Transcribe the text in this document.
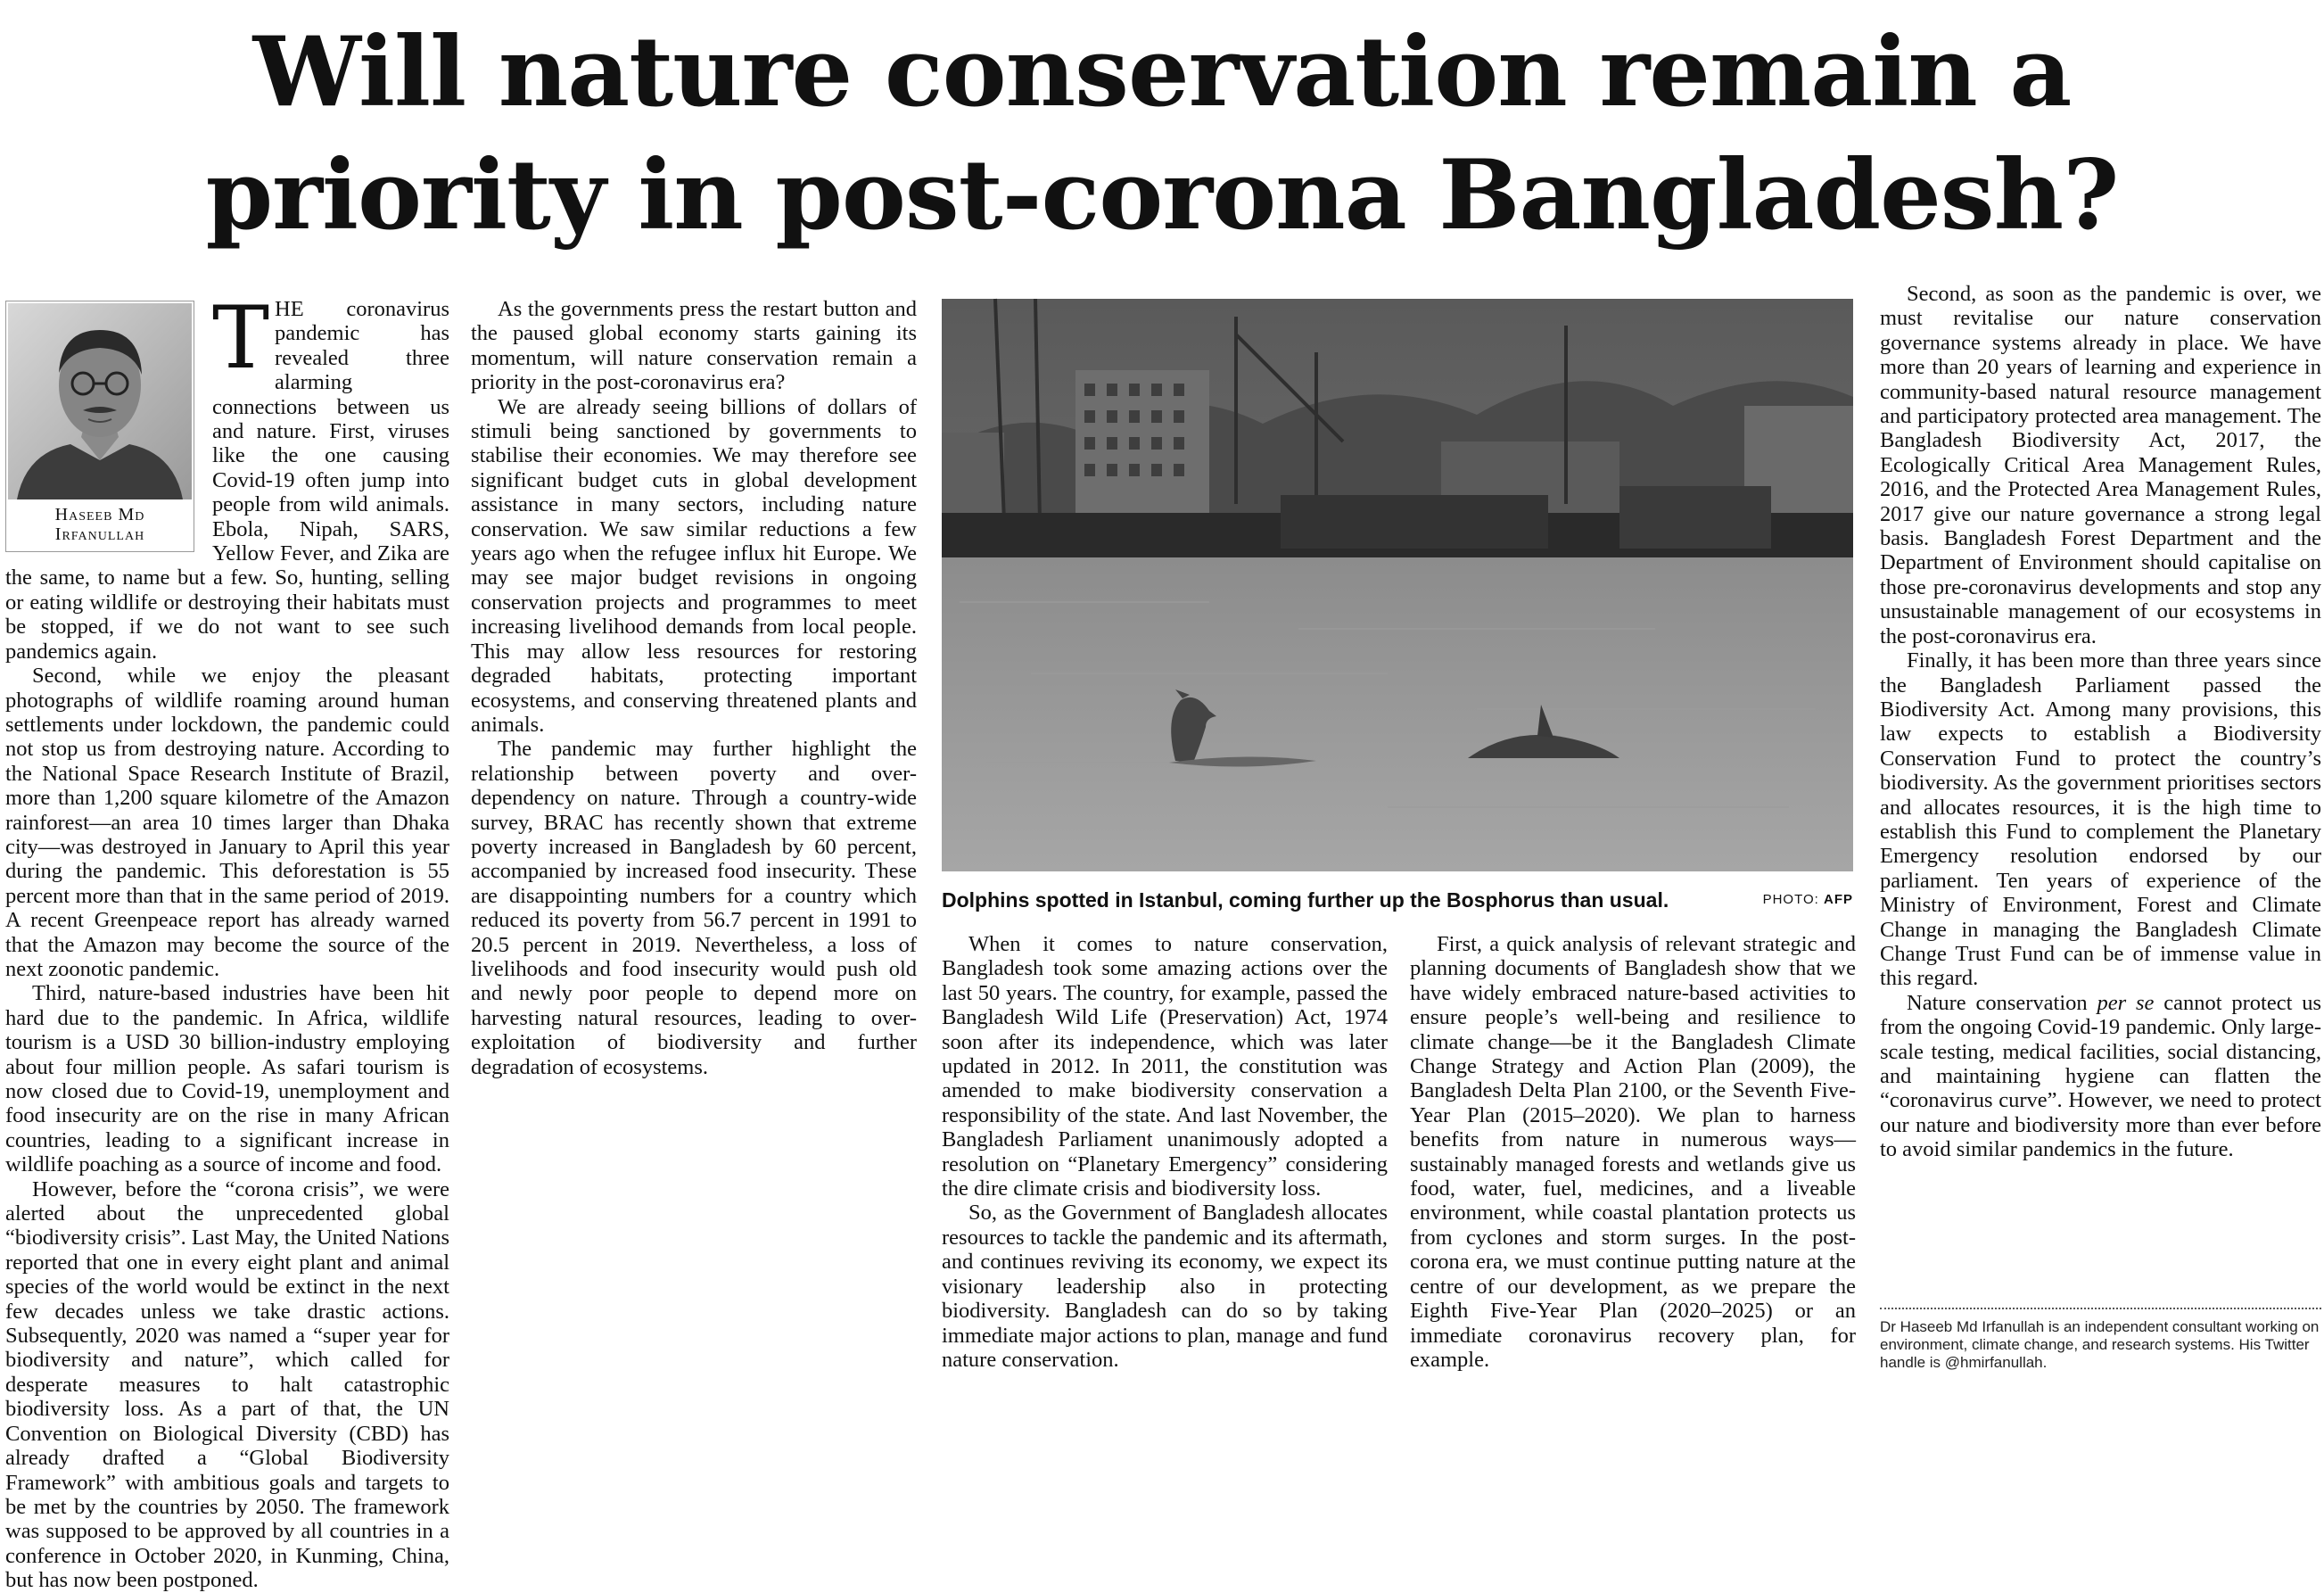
Will nature conservation remain a
priority in post-corona Bangladesh?
Haseeb Md
Irfanullah

THE coronavirus pandemic has revealed three alarming connections between us and nature. First, viruses like the one causing Covid-19 often jump into people from wild animals. Ebola, Nipah, SARS, Yellow Fever, and Zika are the same, to name but a few. So, hunting, selling or eating wildlife or destroying their habitats must be stopped, if we do not want to see such pandemics again.

Second, while we enjoy the pleasant photographs of wildlife roaming around human settlements under lockdown, the pandemic could not stop us from destroying nature. According to the National Space Research Institute of Brazil, more than 1,200 square kilometre of the Amazon rainforest—an area 10 times larger than Dhaka city—was destroyed in January to April this year during the pandemic. This deforestation is 55 percent more than that in the same period of 2019. A recent Greenpeace report has already warned that the Amazon may become the source of the next zoonotic pandemic.

Third, nature-based industries have been hit hard due to the pandemic. In Africa, wildlife tourism is a USD 30 billion-industry employing about four million people. As safari tourism is now closed due to Covid-19, unemployment and food insecurity are on the rise in many African countries, leading to a significant increase in wildlife poaching as a source of income and food.

However, before the “corona crisis”, we were alerted about the unprecedented global “biodiversity crisis”. Last May, the United Nations reported that one in every eight plant and animal species of the world would be extinct in the next few decades unless we take drastic actions. Subsequently, 2020 was named a “super year for biodiversity and nature”, which called for desperate measures to halt catastrophic biodiversity loss. As a part of that, the UN Convention on Biological Diversity (CBD) has already drafted a “Global Biodiversity Framework” with ambitious goals and targets to be met by the countries by 2050. The framework was supposed to be approved by all countries in a conference in October 2020, in Kunming, China, but has now been postponed.

As the governments press the restart button and the paused global economy starts gaining its momentum, will nature conservation remain a priority in the post-coronavirus era?

We are already seeing billions of dollars of stimuli being sanctioned by governments to stabilise their economies. We may therefore see significant budget cuts in global development assistance in many sectors, including nature conservation. We saw similar reductions a few years ago when the refugee influx hit Europe. We may see major budget revisions in ongoing conservation projects and programmes to meet increasing livelihood demands from local people. This may allow less resources for restoring degraded habitats, protecting important ecosystems, and conserving threatened plants and animals.

The pandemic may further highlight the relationship between poverty and over-dependency on nature. Through a country-wide survey, BRAC has recently shown that extreme poverty increased in Bangladesh by 60 percent, accompanied by increased food insecurity. These are disappointing numbers for a country which reduced its poverty from 56.7 percent in 1991 to 20.5 percent in 2019. Nevertheless, a loss of livelihoods and food insecurity would push old and newly poor people to depend more on harvesting natural resources, leading to over-exploitation of biodiversity and further degradation of ecosystems.

Dolphins spotted in Istanbul, coming further up the Bosphorus than usual.	PHOTO: AFP

When it comes to nature conservation, Bangladesh took some amazing actions over the last 50 years. The country, for example, passed the Bangladesh Wild Life (Preservation) Act, 1974 soon after its independence, which was later updated in 2012. In 2011, the constitution was amended to make biodiversity conservation a responsibility of the state. And last November, the Bangladesh Parliament unanimously adopted a resolution on “Planetary Emergency” considering the dire climate crisis and biodiversity loss.

So, as the Government of Bangladesh allocates resources to tackle the pandemic and its aftermath, and continues reviving its economy, we expect its visionary leadership also in protecting biodiversity. Bangladesh can do so by taking immediate major actions to plan, manage and fund nature conservation.

First, a quick analysis of relevant strategic and planning documents of Bangladesh show that we have widely embraced nature-based activities to ensure people’s well-being and resilience to climate change—be it the Bangladesh Climate Change Strategy and Action Plan (2009), the Bangladesh Delta Plan 2100, or the Seventh Five-Year Plan (2015–2020). We plan to harness benefits from nature in numerous ways—sustainably managed forests and wetlands give us food, water, fuel, medicines, and a liveable environment, while coastal plantation protects us from cyclones and storm surges. In the post-corona era, we must continue putting nature at the centre of our development, as we prepare the Eighth Five-Year Plan (2020–2025) or an immediate coronavirus recovery plan, for example.

Second, as soon as the pandemic is over, we must revitalise our nature conservation governance systems already in place. We have more than 20 years of learning and experience in community-based natural resource management and participatory protected area management. The Bangladesh Biodiversity Act, 2017, the Ecologically Critical Area Management Rules, 2016, and the Protected Area Management Rules, 2017 give our nature governance a strong legal basis. Bangladesh Forest Department and the Department of Environment should capitalise on those pre-coronavirus developments and stop any unsustainable management of our ecosystems in the post-coronavirus era.

Finally, it has been more than three years since the Bangladesh Parliament passed the Biodiversity Act. Among many provisions, this law expects to establish a Biodiversity Conservation Fund to protect the country’s biodiversity. As the government prioritises sectors and allocates resources, it is the high time to establish this Fund to complement the Planetary Emergency resolution endorsed by our parliament. Ten years of experience of the Ministry of Environment, Forest and Climate Change in managing the Bangladesh Climate Change Trust Fund can be of immense value in this regard.

Nature conservation per se cannot protect us from the ongoing Covid-19 pandemic. Only large-scale testing, medical facilities, social distancing, and maintaining hygiene can flatten the “coronavirus curve”. However, we need to protect our nature and biodiversity more than ever before to avoid similar pandemics in the future.

Dr Haseeb Md Irfanullah is an independent consultant working on environment, climate change, and research systems. His Twitter handle is @hmirfanullah.
